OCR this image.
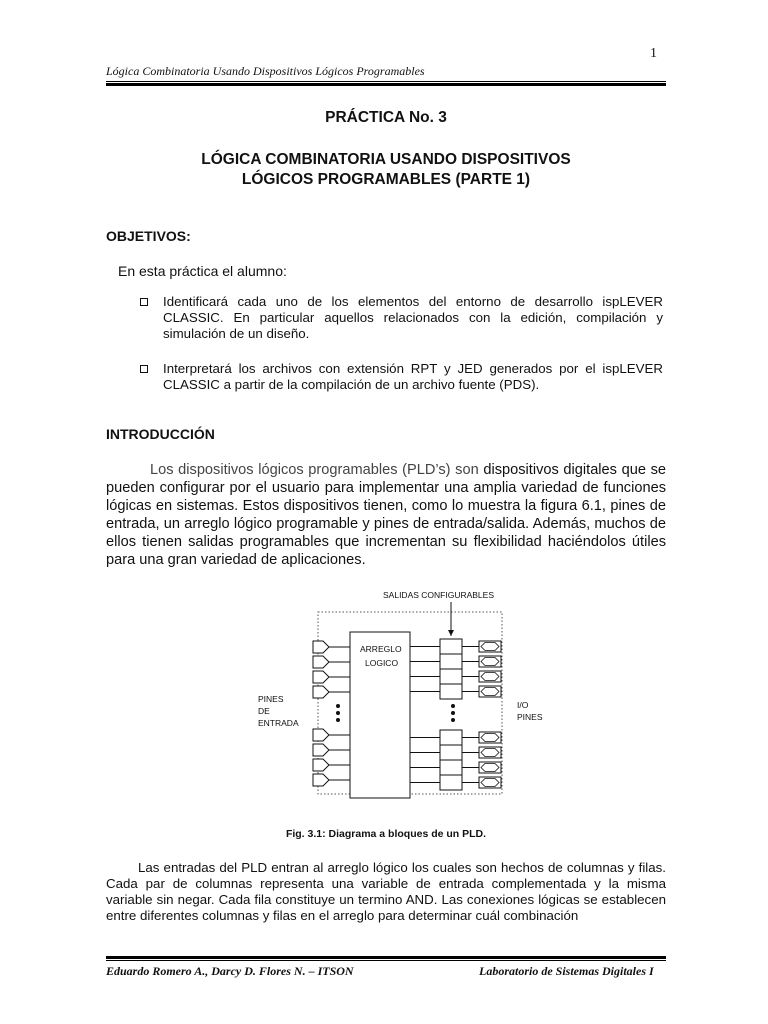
1
Lógica Combinatoria Usando Dispositivos Lógicos Programables
PRÁCTICA No. 3
LÓGICA COMBINATORIA USANDO DISPOSITIVOS
LÓGICOS PROGRAMABLES (PARTE 1)
OBJETIVOS:
En esta práctica el alumno:
Identificará cada uno de los elementos del entorno de desarrollo ispLEVER CLASSIC. En particular aquellos relacionados con la edición, compilación y simulación de un diseño.
Interpretará los archivos con extensión RPT y JED generados por el ispLEVER CLASSIC a partir de la compilación de un archivo fuente (PDS).
INTRODUCCIÓN
Los dispositivos lógicos programables (PLD’s) son dispositivos digitales que se pueden configurar por el usuario para implementar una amplia variedad de funciones lógicas en sistemas. Estos dispositivos tienen, como lo muestra la figura 6.1, pines de entrada, un arreglo lógico programable y pines de entrada/salida. Además, muchos de ellos tienen salidas programables que incrementan su flexibilidad haciéndolos útiles para una gran variedad de aplicaciones.
SALIDAS CONFIGURABLES
PINES
DE
ENTRADA
I/O
PINES
ARREGLO
LOGICO
Fig. 3.1: Diagrama a bloques de un PLD.
Las entradas del PLD entran al arreglo lógico los cuales son hechos de columnas y filas. Cada par de columnas representa una variable de entrada complementada y la misma variable sin negar. Cada fila constituye un termino AND. Las conexiones lógicas se establecen entre diferentes columnas y filas en el arreglo para determinar cuál combinación
Eduardo Romero A., Darcy D. Flores N. – ITSON	Laboratorio de Sistemas Digitales I
